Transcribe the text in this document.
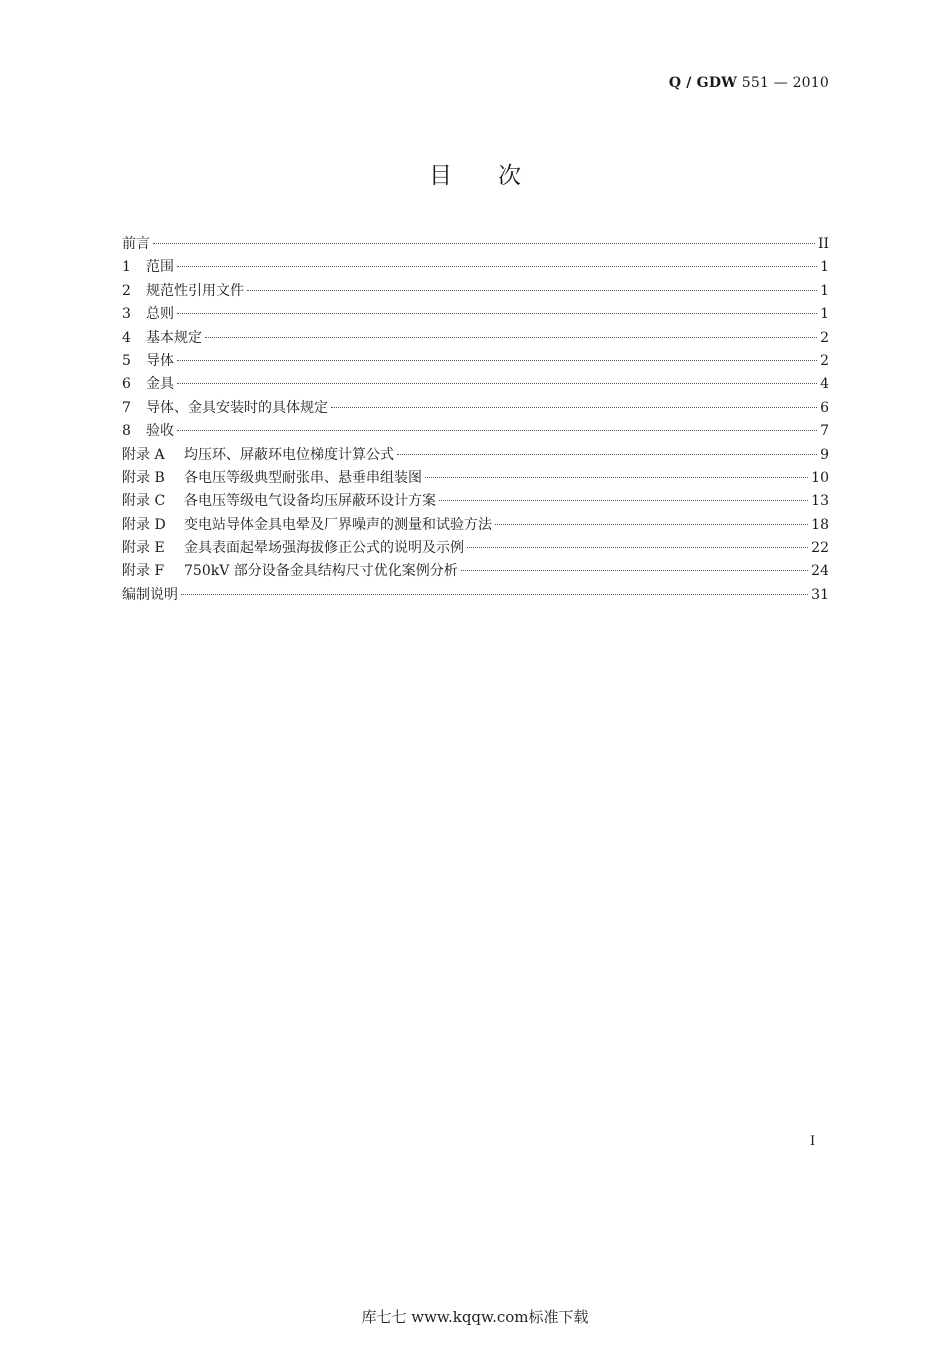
Q / GDW 551 — 2010
目次
前言	II
1	范围	1
2	规范性引用文件	1
3	总则	1
4	基本规定	2
5	导体	2
6	金具	4
7	导体、金具安装时的具体规定	6
8	验收	7
附录 A	均压环、屏蔽环电位梯度计算公式	9
附录 B	各电压等级典型耐张串、悬垂串组装图	10
附录 C	各电压等级电气设备均压屏蔽环设计方案	13
附录 D	变电站导体金具电晕及厂界噪声的测量和试验方法	18
附录 E	金具表面起晕场强海拔修正公式的说明及示例	22
附录 F	750kV 部分设备金具结构尺寸优化案例分析	24
编制说明	31
I
库七七 www.kqqw.com标准下载
